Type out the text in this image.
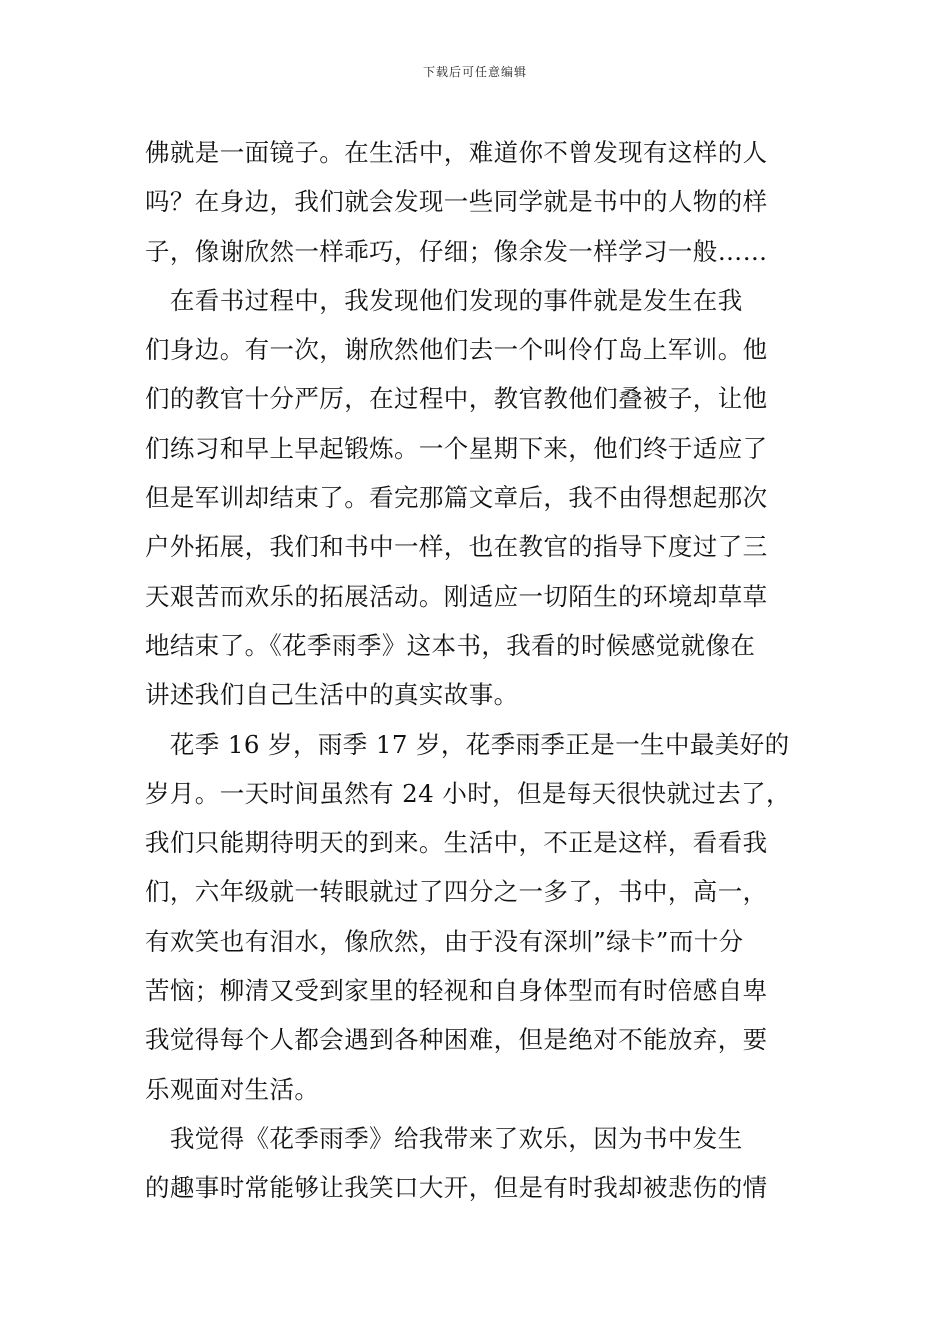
下载后可任意编辑
佛就是一面镜子。在生活中，难道你不曾发现有这样的人
吗？在身边，我们就会发现一些同学就是书中的人物的样
子，像谢欣然一样乖巧，仔细；像余发一样学习一般……
　在看书过程中，我发现他们发现的事件就是发生在我
们身边。有一次，谢欣然他们去一个叫伶仃岛上军训。他
们的教官十分严厉，在过程中，教官教他们叠被子，让他
们练习和早上早起锻炼。一个星期下来，他们终于适应了
但是军训却结束了。看完那篇文章后，我不由得想起那次
户外拓展，我们和书中一样，也在教官的指导下度过了三
天艰苦而欢乐的拓展活动。刚适应一切陌生的环境却草草
地结束了。《花季雨季》这本书，我看的时候感觉就像在
讲述我们自己生活中的真实故事。
　花季 16 岁，雨季 17 岁，花季雨季正是一生中最美好的
岁月。一天时间虽然有 24 小时，但是每天很快就过去了，
我们只能期待明天的到来。生活中，不正是这样，看看我
们，六年级就一转眼就过了四分之一多了，书中，高一，
有欢笑也有泪水，像欣然，由于没有深圳”绿卡”而十分
苦恼；柳清又受到家里的轻视和自身体型而有时倍感自卑
我觉得每个人都会遇到各种困难，但是绝对不能放弃，要
乐观面对生活。
　我觉得《花季雨季》给我带来了欢乐，因为书中发生
的趣事时常能够让我笑口大开，但是有时我却被悲伤的情
